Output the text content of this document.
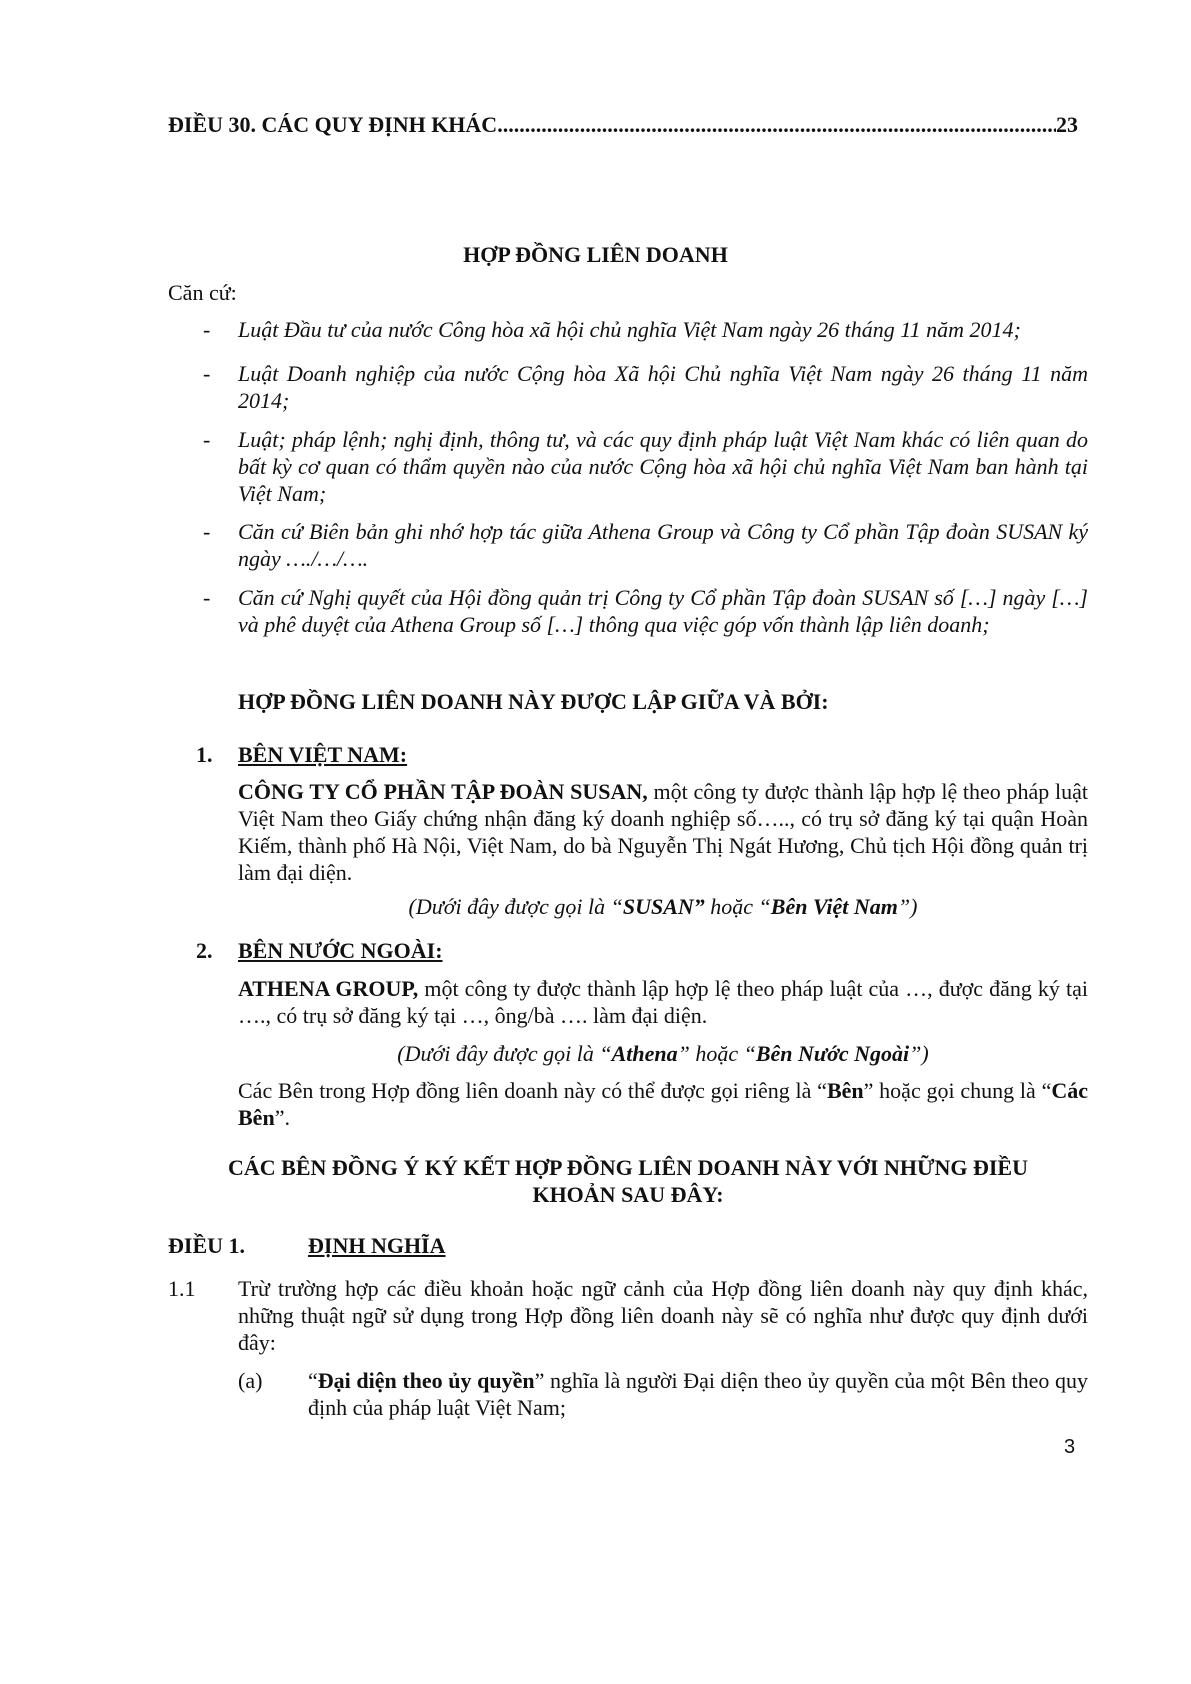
ĐIỀU 30. CÁC QUY ĐỊNH KHÁC
.....	23
HỢP ĐỒNG LIÊN DOANH
Căn cứ:
- Luật Đầu tư của nước Công hòa xã hội chủ nghĩa Việt Nam ngày 26 tháng 11 năm 2014;
- Luật Doanh nghiệp của nước Cộng hòa Xã hội Chủ nghĩa Việt Nam ngày 26 tháng 11 năm 2014;
- Luật; pháp lệnh; nghị định, thông tư, và các quy định pháp luật Việt Nam khác có liên quan do bất kỳ cơ quan có thẩm quyền nào của nước Cộng hòa xã hội chủ nghĩa Việt Nam ban hành tại Việt Nam;
- Căn cứ Biên bản ghi nhớ hợp tác giữa Athena Group và Công ty Cổ phần Tập đoàn SUSAN ký ngày …./…/….
- Căn cứ Nghị quyết của Hội đồng quản trị Công ty Cổ phần Tập đoàn SUSAN số […] ngày […] và phê duyệt của Athena Group số […] thông qua việc góp vốn thành lập liên doanh;
HỢP ĐỒNG LIÊN DOANH NÀY ĐƯỢC LẬP GIỮA VÀ BỞI:
1. BÊN VIỆT NAM:
CÔNG TY CỔ PHẦN TẬP ĐOÀN SUSAN, một công ty được thành lập hợp lệ theo pháp luật Việt Nam theo Giấy chứng nhận đăng ký doanh nghiệp số….., có trụ sở đăng ký tại quận Hoàn Kiếm, thành phố Hà Nội, Việt Nam, do bà Nguyễn Thị Ngát Hương, Chủ tịch Hội đồng quản trị làm đại diện.
(Dưới đây được gọi là “SUSAN” hoặc “Bên Việt Nam”)
2. BÊN NƯỚC NGOÀI:
ATHENA GROUP, một công ty được thành lập hợp lệ theo pháp luật của …, được đăng ký tại …., có trụ sở đăng ký tại …, ông/bà …. làm đại diện.
(Dưới đây được gọi là “Athena” hoặc “Bên Nước Ngoài”)
Các Bên trong Hợp đồng liên doanh này có thể được gọi riêng là “Bên” hoặc gọi chung là “Các Bên”.
CÁC BÊN ĐỒNG Ý KÝ KẾT HỢP ĐỒNG LIÊN DOANH NÀY VỚI NHỮNG ĐIỀU
KHOẢN SAU ĐÂY:
ĐIỀU 1.	ĐỊNH NGHĨA
1.1 Trừ trường hợp các điều khoản hoặc ngữ cảnh của Hợp đồng liên doanh này quy định khác, những thuật ngữ sử dụng trong Hợp đồng liên doanh này sẽ có nghĩa như được quy định dưới đây:
(a) “Đại diện theo ủy quyền” nghĩa là người Đại diện theo ủy quyền của một Bên theo quy định của pháp luật Việt Nam;
3
